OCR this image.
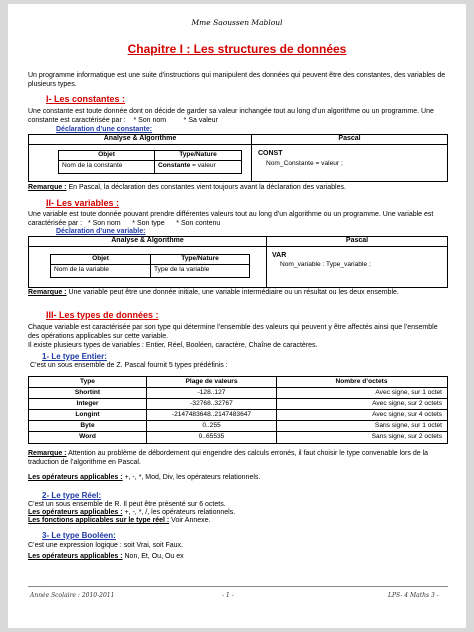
Mme Saoussen Mabloul
Chapitre I : Les structures de données
Un programme informatique est une suite d’instructions qui manipulent des données qui peuvent être des constantes, des variables de plusieurs types.
I- Les constantes :
Une constante est toute donnée dont on décide de garder sa valeur inchangée tout au long d’un algorithme ou un programme. Une constante est caractérisée par : * Son nom	* Sa valeur
Déclaration d’une constante:
Analyse & Algorithme	Pascal
Objet	Type/Nature
Nom de la constante	Constante = valeur
CONST
Nom_Constante = valeur ;
Remarque : En Pascal, la déclaration des constantes vient toujours avant la déclaration des variables.
II- Les variables :
Une variable est toute donnée pouvant prendre différentes valeurs tout au long d’un algorithme ou un programme. Une variable est caractérisée par : * Son nom * Son type * Son contenu
Déclaration d’une variable:
Analyse & Algorithme	Pascal
Objet	Type/Nature
Nom de la variable	Type de la variable
VAR
Nom_variable : Type_variable ;
Remarque : Une variable peut être une donnée initiale, une variable intermédiaire ou un résultat ou les deux ensemble.
III- Les types de données :
Chaque variable est caractérisée par son type qui détermine l’ensemble des valeurs qui peuvent y être affectés ainsi que l’ensemble des opérations applicables sur cette variable.
Il existe plusieurs types de variables : Entier, Réel, Booléen, caractère, Chaîne de caractères.
1- Le type Entier:
C’est un sous ensemble de Z. Pascal fournit 5 types prédéfinis :
Type	Plage de valeurs	Nombre d’octets
Shortint	-128..127	Avec signe, sur 1 octet
Integer	-32768..32767	Avec signe, sur 2 octets
Longint	-2147483648..2147483647	Avec signe, sur 4 octets
Byte	0..255	Sans signe, sur 1 octet
Word	0..65535	Sans signe, sur 2 octets
Remarque : Attention au problème de débordement qui engendre des calculs erronés, il faut choisir le type convenable lors de la traduction de l’algorithme en Pascal.
Les opérateurs applicables : +, -, *, Mod, Div, les opérateurs relationnels.
2- Le type Réel:
C’est un sous ensemble de R. Il peut être présenté sur 6 octets.
Les opérateurs applicables : +, -, *, /, les opérateurs relationnels.
Les fonctions applicables sur le type réel : Voir Annexe.
3- Le type Booléen:
C’est une expression logique : soit Vrai, soit Faux.
Les opérateurs applicables : Non, Et, Ou, Ou ex
Année Scolaire : 2010-2011	- 1 -	LPS- 4 Maths 3 -
